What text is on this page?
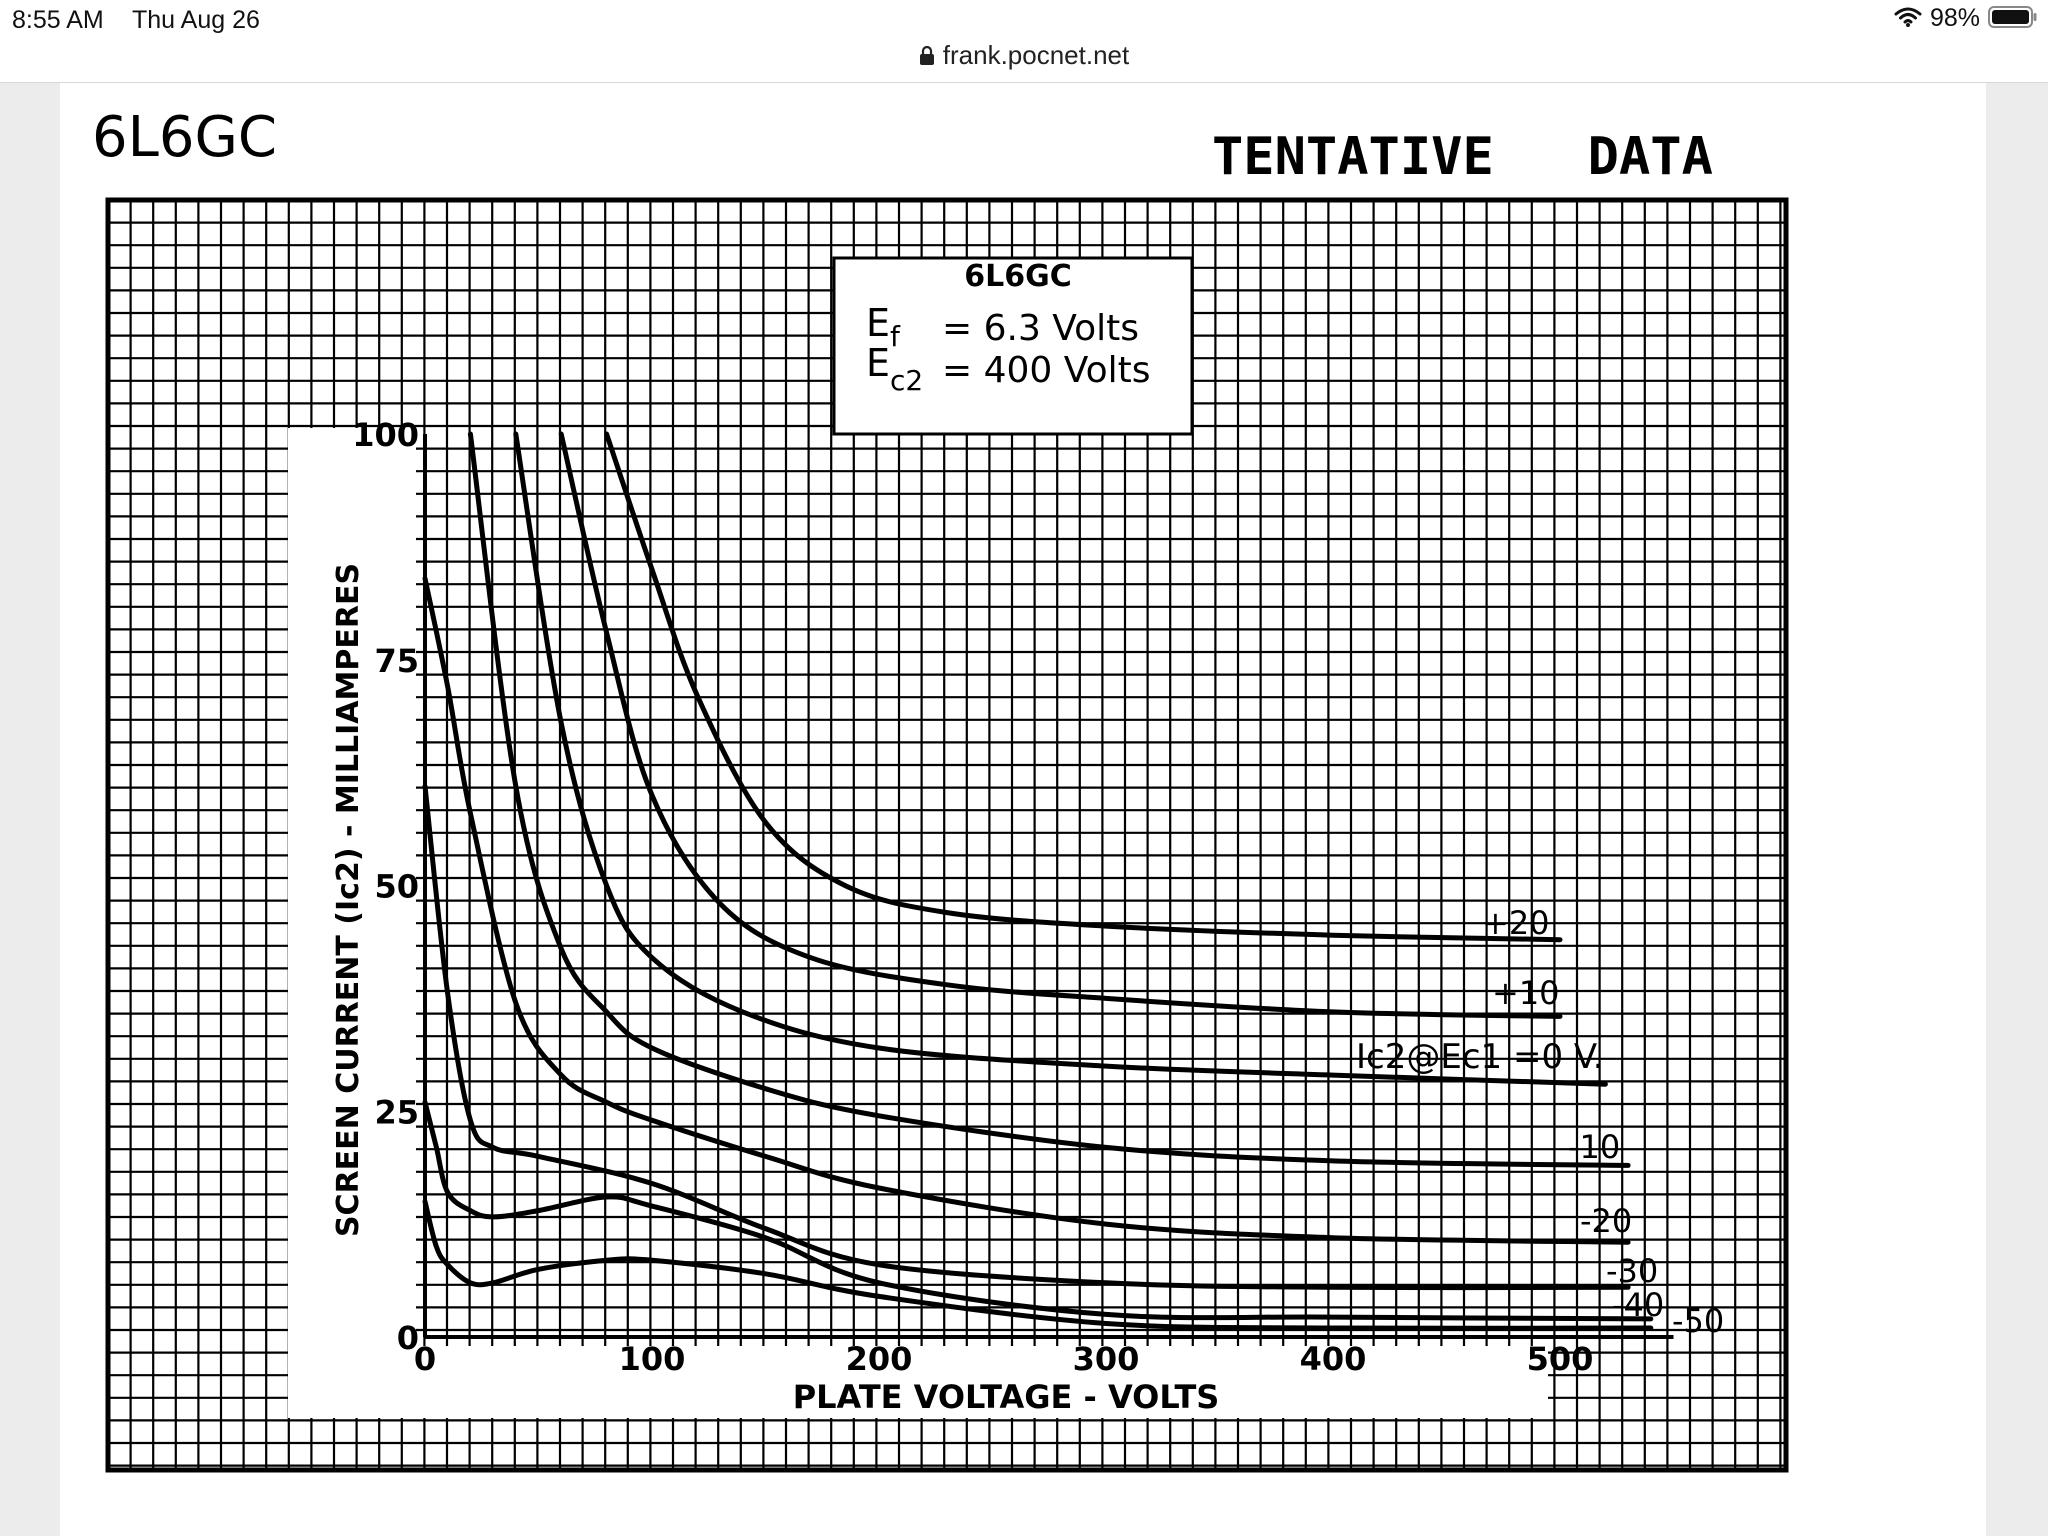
8:55 AM Thu Aug 26
frank.pocnet.net
98%
6L6GC	TENTATIVE   DATA
6L6GC
E f = 6.3 Volts
E c2 = 400 Volts
0	100	200	300	400	500
0
25
50
75
100
+20
+10
-10
-20
-30
-40 -50
PLATE VOLTAGE - VOLTS
SCREEN CURRENT (Ic2) - MILLIAMPERES	Ic2@Ec1 =0 V.
